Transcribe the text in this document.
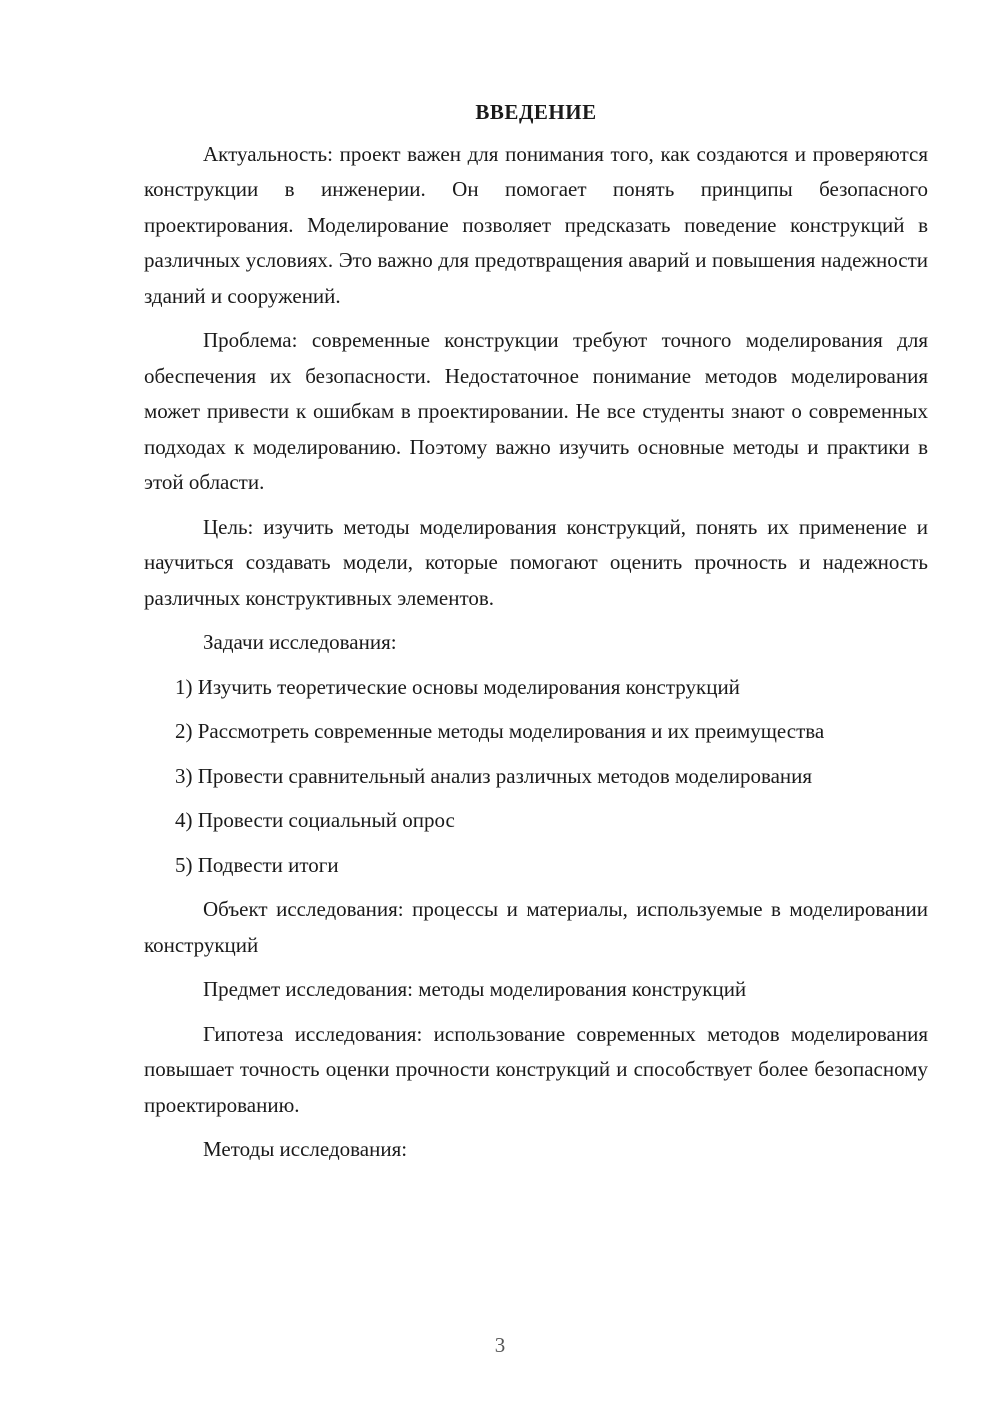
ВВЕДЕНИЕ

Актуальность: проект важен для понимания того, как создаются и проверяются конструкции в инженерии. Он помогает понять принципы безопасного проектирования. Моделирование позволяет предсказать поведение конструкций в различных условиях. Это важно для предотвращения аварий и повышения надежности зданий и сооружений.

Проблема: современные конструкции требуют точного моделирования для обеспечения их безопасности. Недостаточное понимание методов моделирования может привести к ошибкам в проектировании. Не все студенты знают о современных подходах к моделированию. Поэтому важно изучить основные методы и практики в этой области.

Цель: изучить методы моделирования конструкций, понять их применение и научиться создавать модели, которые помогают оценить прочность и надежность различных конструктивных элементов.

Задачи исследования:

1) Изучить теоретические основы моделирования конструкций

2) Рассмотреть современные методы моделирования и их преимущества

3) Провести сравнительный анализ различных методов моделирования

4) Провести социальный опрос

5) Подвести итоги

Объект исследования: процессы и материалы, используемые в моделировании конструкций

Предмет исследования: методы моделирования конструкций

Гипотеза исследования: использование современных методов моделирования повышает точность оценки прочности конструкций и способствует более безопасному проектированию.

Методы исследования:

3
